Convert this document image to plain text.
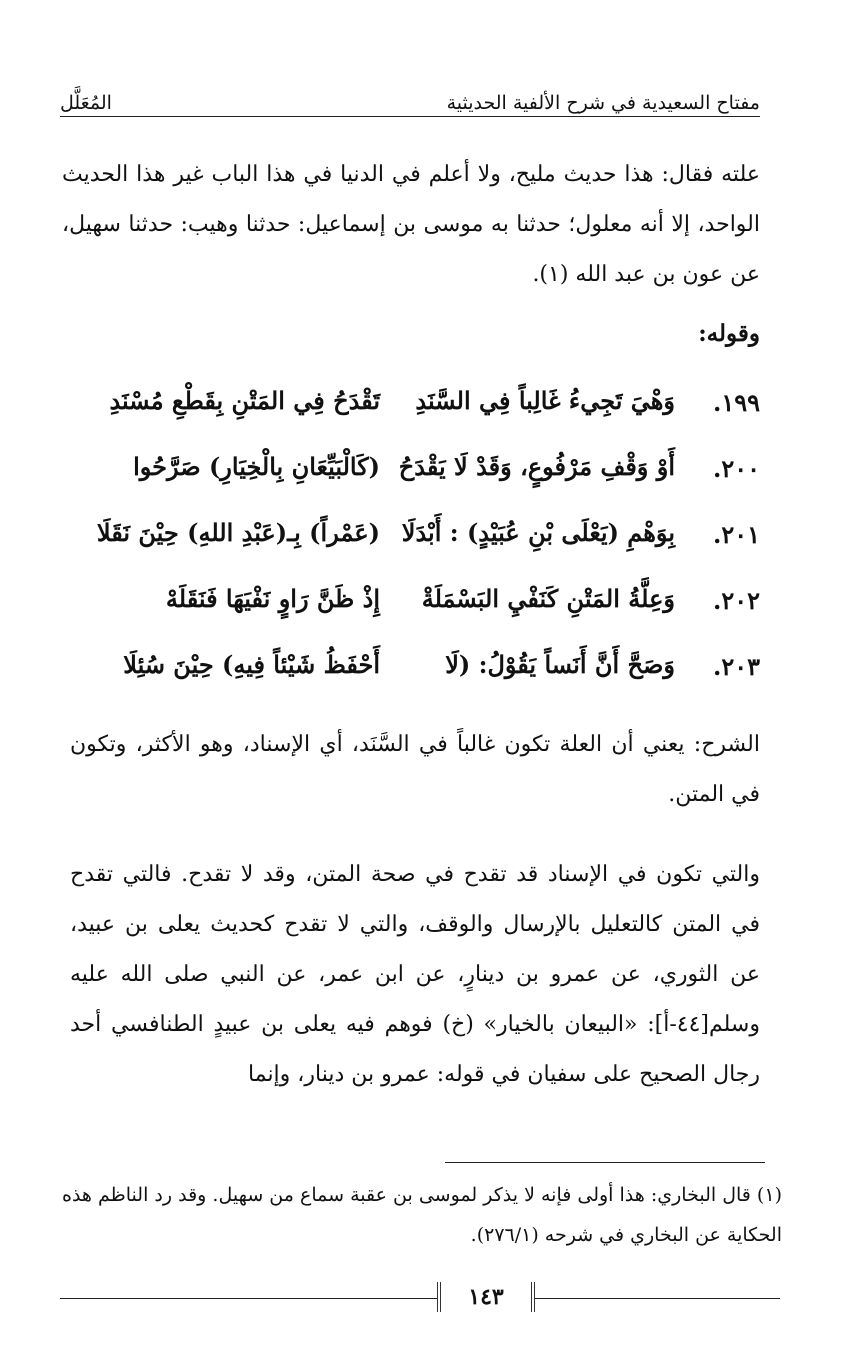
مفتاح السعيدية في شرح الألفية الحديثية
المُعَلَّل
علته فقال: هذا حديث مليح، ولا أعلم في الدنيا في هذا الباب غير هذا الحديث الواحد، إلا أنه معلول؛ حدثنا به موسى بن إسماعيل: حدثنا وهيب: حدثنا سهيل، عن عون بن عبد الله (١).
وقوله:
١٩٩.
وَهْيَ تَجِيءُ غَالِباً فِي السَّنَدِ
تَقْدَحُ فِي المَتْنِ بِقَطْعِ مُسْنَدِ
٢٠٠.
أَوْ وَقْفِ مَرْفُوعٍ، وَقَدْ لَا يَقْدَحُ
(كَالْبَيِّعَانِ بِالْخِيَارِ) صَرَّحُوا
٢٠١.
بِوَهْمِ (يَعْلَى بْنِ عُبَيْدٍ) : أَبْدَلَا
(عَمْراً) بِـ(عَبْدِ اللهِ) حِيْنَ نَقَلَا
٢٠٢.
وَعِلَّةُ المَتْنِ كَنَفْيِ البَسْمَلَةْ
إِذْ ظَنَّ رَاوٍ نَفْيَهَا فَنَقَلَهْ
٢٠٣.
وَصَحَّ أَنَّ أَنَساً يَقُوْلُ: (لَا
أَحْفَظُ شَيْئاً فِيهِ) حِيْنَ سُئِلَا
الشرح: يعني أن العلة تكون غالباً في السَّنَد، أي الإسناد، وهو الأكثر، وتكون في المتن.
والتي تكون في الإسناد قد تقدح في صحة المتن، وقد لا تقدح. فالتي تقدح في المتن كالتعليل بالإرسال والوقف، والتي لا تقدح كحديث يعلى بن عبيد، عن الثوري، عن عمرو بن دينارٍ، عن ابن عمر، عن النبي صلى الله عليه وسلم[٤٤-أ]: «البيعان بالخيار» (خ) فوهم فيه يعلى بن عبيدٍ الطنافسي أحد رجال الصحيح على سفيان في قوله: عمرو بن دينار، وإنما
(١) قال البخاري: هذا أولى فإنه لا يذكر لموسى بن عقبة سماع من سهيل. وقد رد الناظم هذه الحكاية عن البخاري في شرحه (٢٧٦/١).
١٤٣
